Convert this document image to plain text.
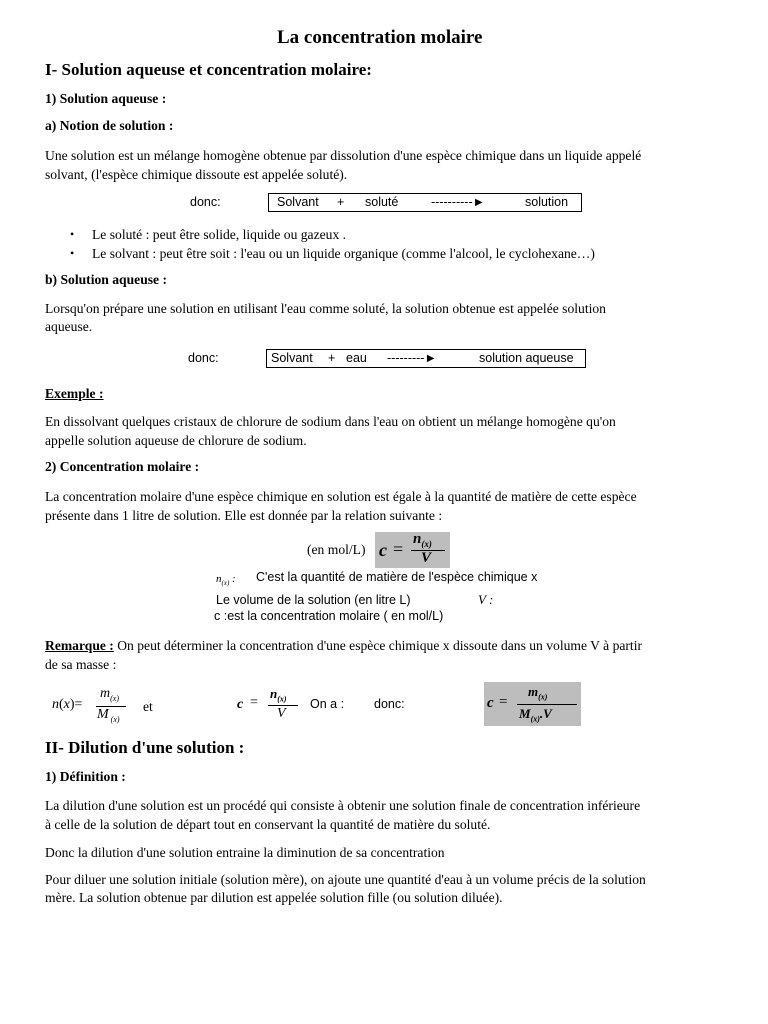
La concentration molaire
I- Solution aqueuse et concentration molaire:
1) Solution aqueuse :
a) Notion de solution :
Une solution est un mélange homogène obtenue par dissolution d'une espèce chimique dans un liquide appelé
solvant, (l'espèce chimique dissoute est appelée soluté).
donc:	Solvant + soluté	----------►	solution
• Le soluté : peut être solide, liquide ou gazeux .
• Le solvant : peut être soit : l'eau ou un liquide organique (comme l'alcool, le cyclohexane…)
b) Solution aqueuse :
Lorsqu'on prépare une solution en utilisant l'eau comme soluté, la solution obtenue est appelée solution
aqueuse.
donc:	Solvant + eau ---------►	solution aqueuse
Exemple :
En dissolvant quelques cristaux de chlorure de sodium dans l'eau on obtient un mélange homogène qu'on
appelle solution aqueuse de chlorure de sodium.
2) Concentration molaire :
La concentration molaire d'une espèce chimique en solution est égale à la quantité de matière de cette espèce
présente dans 1 litre de solution. Elle est donnée par la relation suivante :
(en mol/L) $c = n_{(x)}$
V
$n_{(x)}$ : C'est la quantité de matière de l'espèce chimique x
Le volume de la solution (en litre L)	V :
c :est la concentration molaire ( en mol/L)
Remarque : On peut déterminer la concentration d'une espèce chimique x dissoute dans un volume V à partir
de sa masse :
n(x)=
$m_{(x)}$
M $_{(x)}$
et	c =
$n_{(x)}$
V
On a : donc:	c =
$m_{(x)}$
$M_{(x)}.V$
II- Dilution d'une solution :
1) Définition :
La dilution d'une solution est un procédé qui consiste à obtenir une solution finale de concentration inférieure
à celle de la solution de départ tout en conservant la quantité de matière du soluté.
Donc la dilution d'une solution entraine la diminution de sa concentration
Pour diluer une solution initiale (solution mère), on ajoute une quantité d'eau à un volume précis de la solution
mère. La solution obtenue par dilution est appelée solution fille (ou solution diluée).
